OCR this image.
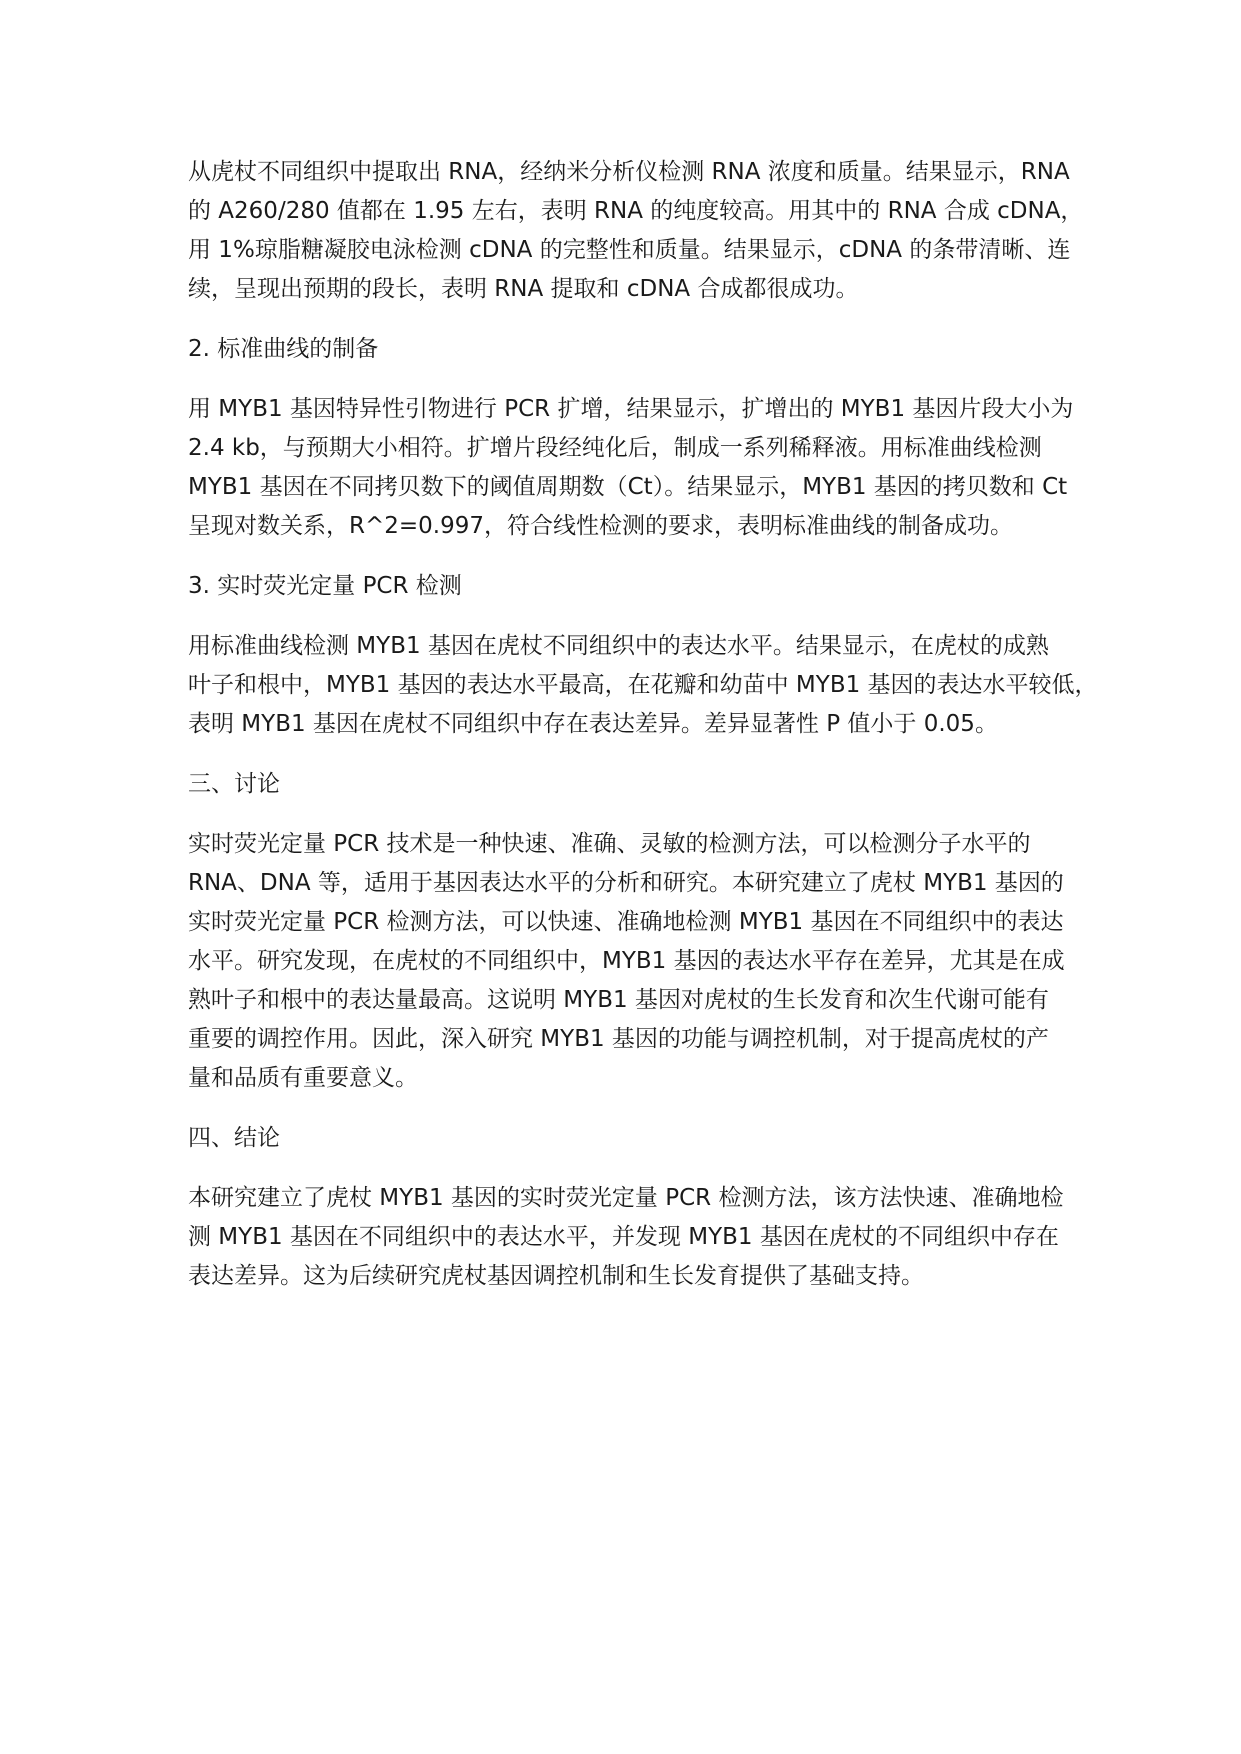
从虎杖不同组织中提取出 RNA，经纳米分析仪检测 RNA 浓度和质量。结果显示，RNA
的 A260/280 值都在 1.95 左右，表明 RNA 的纯度较高。用其中的 RNA 合成 cDNA，
用 1%琼脂糖凝胶电泳检测 cDNA 的完整性和质量。结果显示，cDNA 的条带清晰、连
续，呈现出预期的段长，表明 RNA 提取和 cDNA 合成都很成功。
2. 标准曲线的制备
用 MYB1 基因特异性引物进行 PCR 扩增，结果显示，扩增出的 MYB1 基因片段大小为
2.4 kb，与预期大小相符。扩增片段经纯化后，制成一系列稀释液。用标准曲线检测
MYB1 基因在不同拷贝数下的阈值周期数（Ct）。结果显示，MYB1 基因的拷贝数和 Ct
呈现对数关系，R^2=0.997，符合线性检测的要求，表明标准曲线的制备成功。
3. 实时荧光定量 PCR 检测
用标准曲线检测 MYB1 基因在虎杖不同组织中的表达水平。结果显示，在虎杖的成熟
叶子和根中，MYB1 基因的表达水平最高，在花瓣和幼苗中 MYB1 基因的表达水平较低，
表明 MYB1 基因在虎杖不同组织中存在表达差异。差异显著性 P 值小于 0.05。
三、讨论
实时荧光定量 PCR 技术是一种快速、准确、灵敏的检测方法，可以检测分子水平的
RNA、DNA 等，适用于基因表达水平的分析和研究。本研究建立了虎杖 MYB1 基因的
实时荧光定量 PCR 检测方法，可以快速、准确地检测 MYB1 基因在不同组织中的表达
水平。研究发现，在虎杖的不同组织中，MYB1 基因的表达水平存在差异，尤其是在成
熟叶子和根中的表达量最高。这说明 MYB1 基因对虎杖的生长发育和次生代谢可能有
重要的调控作用。因此，深入研究 MYB1 基因的功能与调控机制，对于提高虎杖的产
量和品质有重要意义。
四、结论
本研究建立了虎杖 MYB1 基因的实时荧光定量 PCR 检测方法，该方法快速、准确地检
测 MYB1 基因在不同组织中的表达水平，并发现 MYB1 基因在虎杖的不同组织中存在
表达差异。这为后续研究虎杖基因调控机制和生长发育提供了基础支持。
